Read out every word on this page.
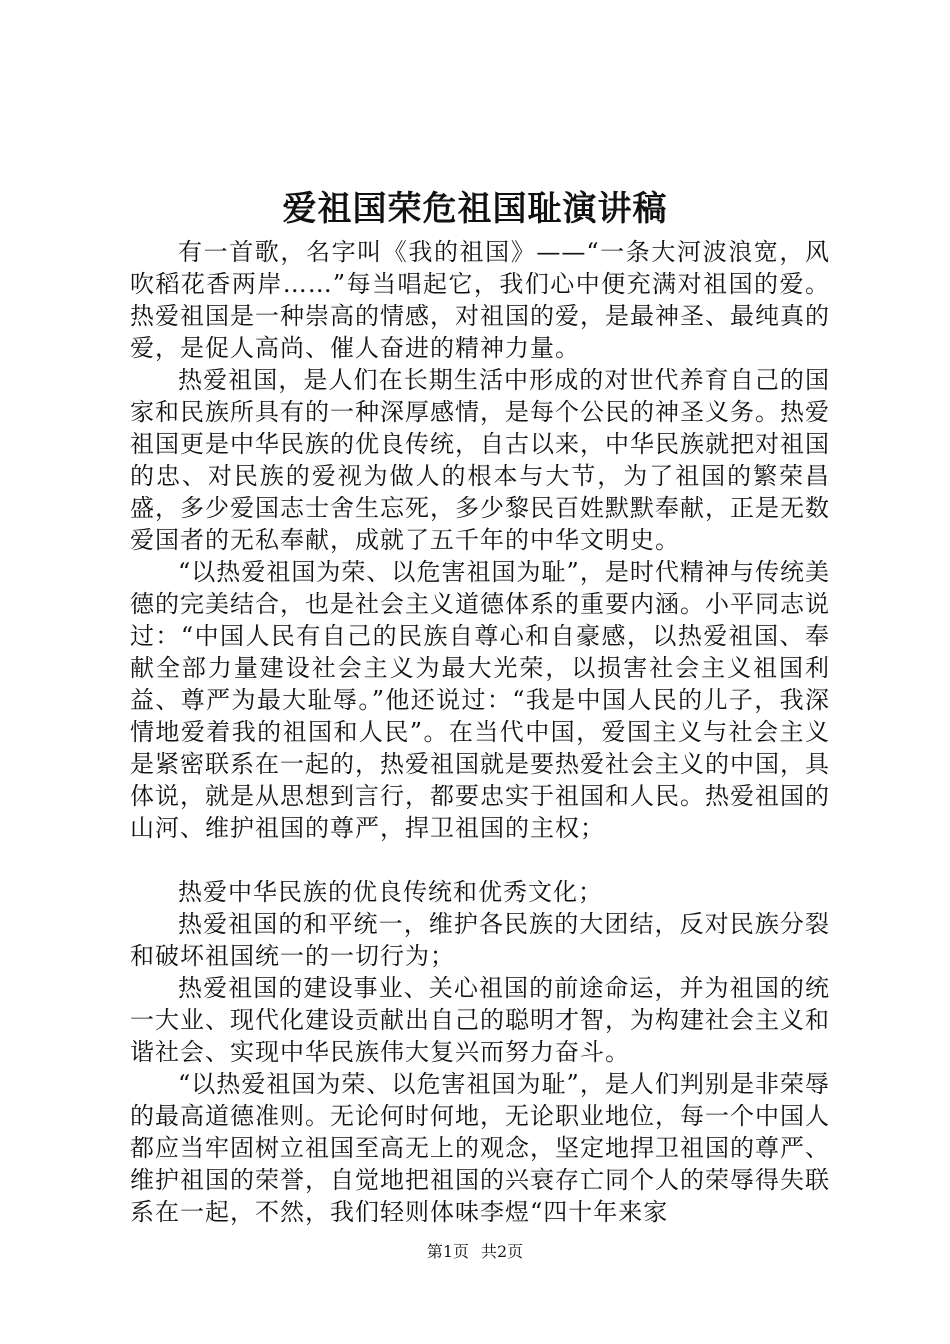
爱祖国荣危祖国耻演讲稿

有一首歌，名字叫《我的祖国》——“一条大河波浪宽，风吹稻花香两岸……”每当唱起它，我们心中便充满对祖国的爱。热爱祖国是一种崇高的情感，对祖国的爱，是最神圣、最纯真的爱，是促人高尚、催人奋进的精神力量。

热爱祖国，是人们在长期生活中形成的对世代养育自己的国家和民族所具有的一种深厚感情，是每个公民的神圣义务。热爱祖国更是中华民族的优良传统，自古以来，中华民族就把对祖国的忠、对民族的爱视为做人的根本与大节，为了祖国的繁荣昌盛，多少爱国志士舍生忘死，多少黎民百姓默默奉献，正是无数爱国者的无私奉献，成就了五千年的中华文明史。

“以热爱祖国为荣、以危害祖国为耻”，是时代精神与传统美德的完美结合，也是社会主义道德体系的重要内涵。小平同志说过：“中国人民有自己的民族自尊心和自豪感，以热爱祖国、奉献全部力量建设社会主义为最大光荣，以损害社会主义祖国利益、尊严为最大耻辱。”他还说过：“我是中国人民的儿子，我深情地爱着我的祖国和人民”。在当代中国，爱国主义与社会主义是紧密联系在一起的，热爱祖国就是要热爱社会主义的中国，具体说，就是从思想到言行，都要忠实于祖国和人民。热爱祖国的山河、维护祖国的尊严，捍卫祖国的主权；

热爱中华民族的优良传统和优秀文化；

热爱祖国的和平统一，维护各民族的大团结，反对民族分裂和破坏祖国统一的一切行为；

热爱祖国的建设事业、关心祖国的前途命运，并为祖国的统一大业、现代化建设贡献出自己的聪明才智，为构建社会主义和谐社会、实现中华民族伟大复兴而努力奋斗。

“以热爱祖国为荣、以危害祖国为耻”，是人们判别是非荣辱的最高道德准则。无论何时何地，无论职业地位，每一个中国人都应当牢固树立祖国至高无上的观念，坚定地捍卫祖国的尊严、维护祖国的荣誉，自觉地把祖国的兴衰存亡同个人的荣辱得失联系在一起，不然，我们轻则体味李煜“四十年来家

第1页 共2页
